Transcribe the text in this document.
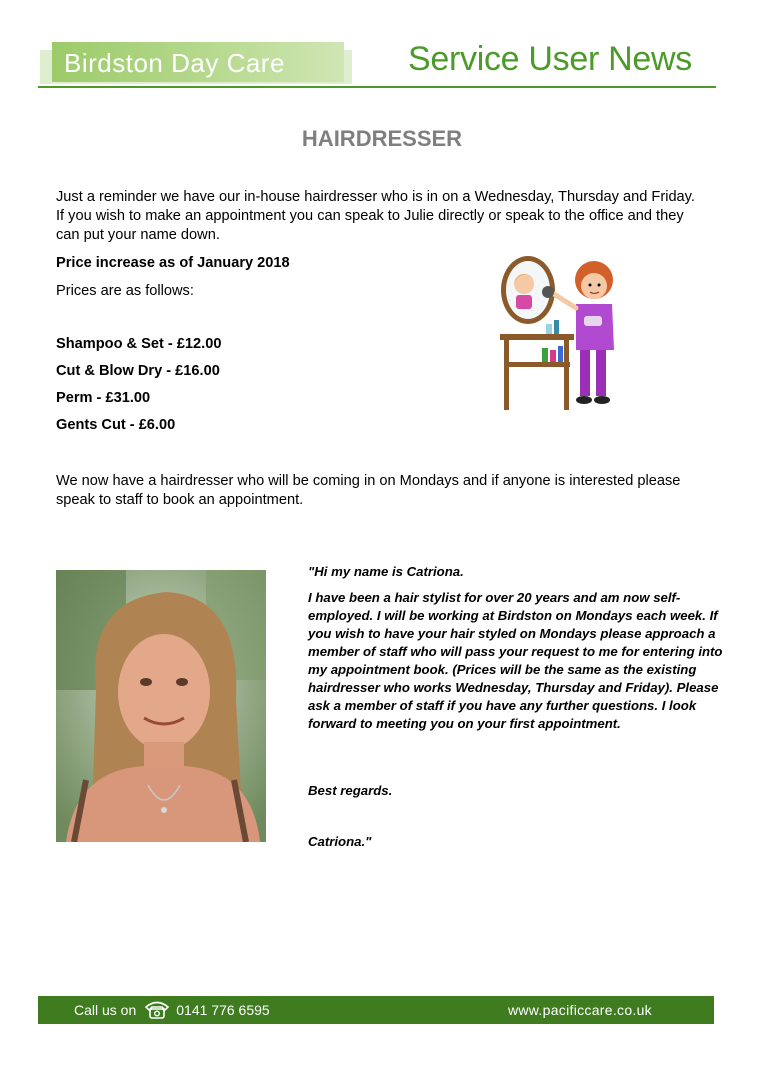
Birdston Day Care	Service User News
HAIRDRESSER

Just a reminder we have our in-house hairdresser who is in on a Wednesday, Thursday and Friday. If you wish to make an appointment you can speak to Julie directly or speak to the office and they can put your name down.

Price increase as of January 2018

Prices are as follows:

Shampoo & Set - £12.00
Cut & Blow Dry - £16.00
Perm - £31.00
Gents Cut - £6.00

We now have a hairdresser who will be coming in on Mondays and if anyone is interested please speak to staff to book an appointment.

"Hi my name is Catriona.

I have been a hair stylist for over 20 years and am now self-employed. I will be working at Birdston on Mondays each week. If you wish to have your hair styled on Mondays please approach a member of staff who will pass your request to me for entering into my appointment book. (Prices will be the same as the existing hairdresser who works Wednesday, Thursday and Friday). Please ask a member of staff if you have any further questions. I look forward to meeting you on your first appointment.

Best regards.

Catriona."

Call us on	0141 776 6595	www.pacificcare.co.uk
